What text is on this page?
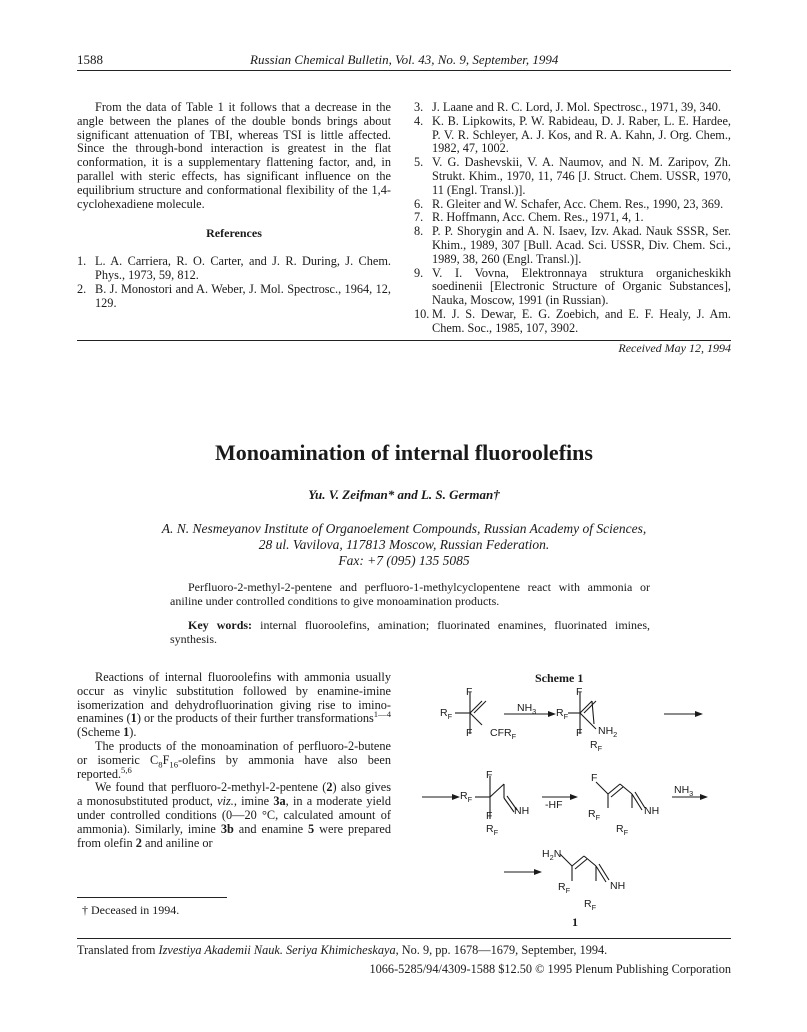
1588	Russian Chemical Bulletin, Vol. 43, No. 9, September, 1994

From the data of Table 1 it follows that a decrease in the angle between the planes of the double bonds brings about significant attenuation of TBI, whereas TSI is little affected. Since the through-bond interaction is greatest in the flat conformation, it is a supplementary flattening factor, and, in parallel with steric effects, has significant influence on the equilibrium structure and conformational flexibility of the 1,4-cyclohexadiene molecule.

References

1. L. A. Carriera, R. O. Carter, and J. R. During, J. Chem. Phys., 1973, 59, 812.

2. B. J. Monostori and A. Weber, J. Mol. Spectrosc., 1964, 12, 129.

3. J. Laane and R. C. Lord, J. Mol. Spectrosc., 1971, 39, 340.

4. K. B. Lipkowits, P. W. Rabideau, D. J. Raber, L. E. Hardee, P. V. R. Schleyer, A. J. Kos, and R. A. Kahn, J. Org. Chem., 1982, 47, 1002.

5. V. G. Dashevskii, V. A. Naumov, and N. M. Zaripov, Zh. Strukt. Khim., 1970, 11, 746 [J. Struct. Chem. USSR, 1970, 11 (Engl. Transl.)].

6. R. Gleiter and W. Schafer, Acc. Chem. Res., 1990, 23, 369.

7. R. Hoffmann, Acc. Chem. Res., 1971, 4, 1.

8. P. P. Shorygin and A. N. Isaev, Izv. Akad. Nauk SSSR, Ser. Khim., 1989, 307 [Bull. Acad. Sci. USSR, Div. Chem. Sci., 1989, 38, 260 (Engl. Transl.)].

9. V. I. Vovna, Elektronnaya struktura organicheskikh soedinenii [Electronic Structure of Organic Substances], Nauka, Moscow, 1991 (in Russian).

10. M. J. S. Dewar, E. G. Zoebich, and E. F. Healy, J. Am. Chem. Soc., 1985, 107, 3902.

Received May 12, 1994
Monoamination of internal fluoroolefins
Yu. V. Zeifman* and L. S. German†
A. N. Nesmeyanov Institute of Organoelement Compounds, Russian Academy of Sciences,
28 ul. Vavilova, 117813 Moscow, Russian Federation.
Fax: +7 (095) 135 5085

Perfluoro-2-methyl-2-pentene and perfluoro-1-methylcyclopentene react with ammonia or aniline under controlled conditions to give monoamination products.

Key words: internal fluoroolefins, amination; fluorinated enamines, fluorinated imines, synthesis.

Reactions of internal fluoroolefins with ammonia usually occur as vinylic substitution followed by enamine-imine isomerization and dehydrofluorination giving rise to imino-enamines (1) or the products of their further transformations$^{1—4}$ (Scheme 1).

The products of the monoamination of perfluoro-2-butene or isomeric $C_8F_{16}$-olefins by ammonia have also been reported.$^{5,6}$

We found that perfluoro-2-methyl-2-pentene (2) also gives a monosubstituted product, viz., imine 3a, in a moderate yield under controlled conditions (0—20 °C, calculated amount of ammonia). Similarly, imine 3b and enamine 5 were prepared from olefin 2 and aniline or

† Deceased in 1994.
Scheme 1
F
$R_F$
F $CFR_F$
$NH_3$
F
$R_F$
F $NH_2$
$R_F$
F
$R_F$
F NH
$R_F$
-HF
F
$R_F$
NH
$R_F$
$NH_3$
$H_2N$
$R_F$	NH
$R_F$
1
Translated from Izvestiya Akademii Nauk. Seriya Khimicheskaya, No. 9, pp. 1678—1679, September, 1994.
1066-5285/94/4309-1588 $12.50 © 1995 Plenum Publishing Corporation
